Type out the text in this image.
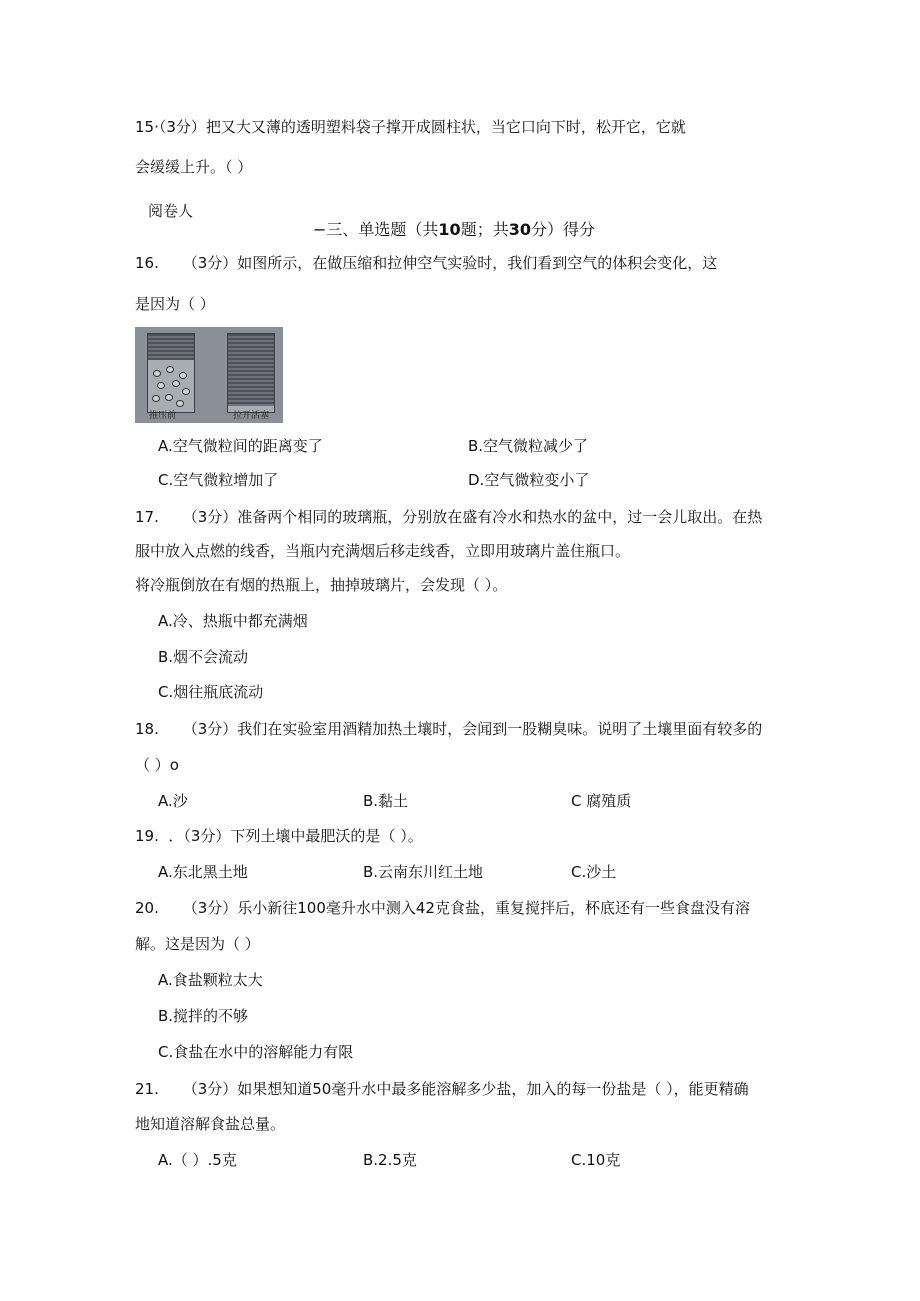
15·（3分）把又大又薄的透明塑料袋子撑开成圆柱状，当它口向下时，松开它，它就
会缓缓上升。（ ）
阅卷人
−三、单选题（共10题；共30分）得分
16.     （3分）如图所示，在做压缩和拉伸空气实验时，我们看到空气的体积会变化，这
是因为（ ）
推压前	拉开活塞
A.空气微粒间的距离变了	B.空气微粒减少了
C.空气微粒增加了	D.空气微粒变小了
17.     （3分）准备两个相同的玻璃瓶，分别放在盛有冷水和热水的盆中，过一会儿取出。在热
服中放入点燃的线香，当瓶内充满烟后移走线香，立即用玻璃片盖住瓶口。
将冷瓶倒放在有烟的热瓶上，抽掉玻璃片，会发现（ ）。
A.冷、热瓶中都充满烟
B.烟不会流动
C.烟往瓶底流动
18.     （3分）我们在实验室用酒精加热土壤时，会闻到一股糊臭味。说明了土壤里面有较多的
（ ）o
A.沙	B.黏土	C 腐殖质
19.  ．（3分）下列土壤中最肥沃的是（ ）。
A.东北黑土地	B.云南东川红土地	C.沙土
20.     （3分）乐小新往100毫升水中测入42克食盐，重复搅拌后，杯底还有一些食盘没有溶
解。这是因为（ ）
A.食盐颗粒太大
B.搅拌的不够
C.食盐在水中的溶解能力有限
21.     （3分）如果想知道50毫升水中最多能溶解多少盐，加入的每一份盐是（ ），能更精确
地知道溶解食盐总量。
A.（ ）.5克	B.2.5克	C.10克
